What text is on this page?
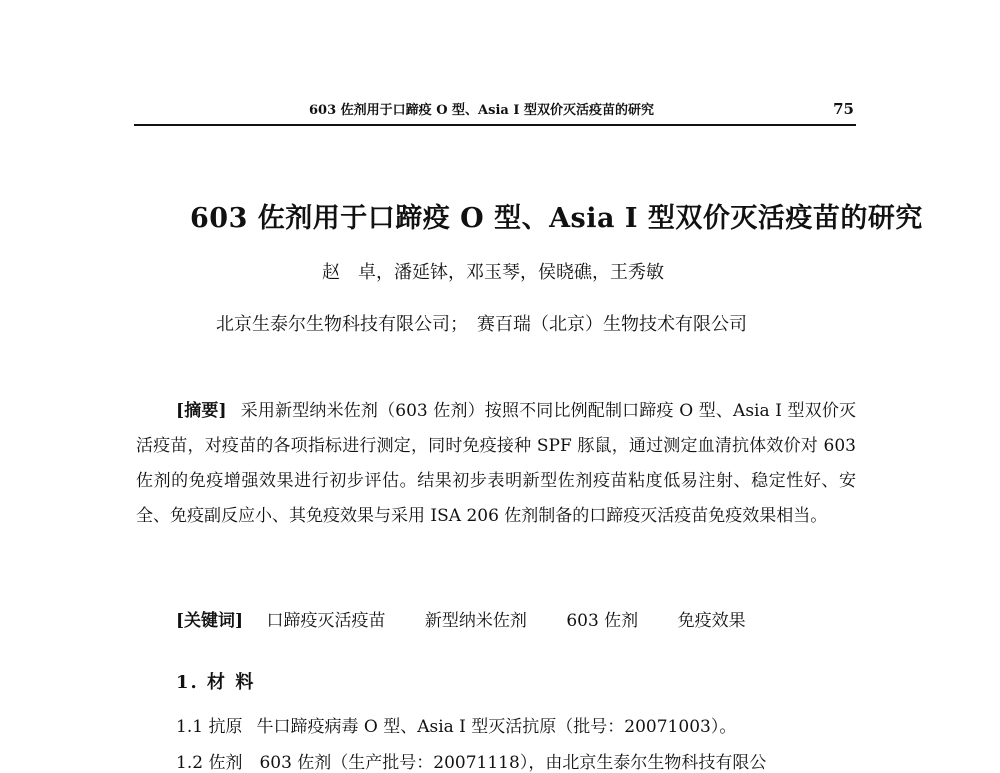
603 佐剂用于口蹄疫 O 型、Asia I 型双价灭活疫苗的研究	75
603 佐剂用于口蹄疫 O 型、Asia I 型双价灭活疫苗的研究
赵　卓，潘延钵，邓玉琴，侯晓礁，王秀敏
北京生泰尔生物科技有限公司；　赛百瑞（北京）生物技术有限公司
[摘要] 采用新型纳米佐剂（603 佐剂）按照不同比例配制口蹄疫 O 型、Asia I 型双价灭活疫苗，对疫苗的各项指标进行测定，同时免疫接种 SPF 豚鼠，通过测定血清抗体效价对 603 佐剂的免疫增强效果进行初步评估。结果初步表明新型佐剂疫苗粘度低易注射、稳定性好、安全、免疫副反应小、其免疫效果与采用 ISA 206 佐剂制备的口蹄疫灭活疫苗免疫效果相当。
[关键词] 口蹄疫灭活疫苗 新型纳米佐剂 603 佐剂 免疫效果
1. 材 料
1.1 抗原 牛口蹄疫病毒 O 型、Asia I 型灭活抗原（批号：20071003）。
1.2 佐剂　603 佐剂（生产批号：20071118），由北京生泰尔生物科技有限公
